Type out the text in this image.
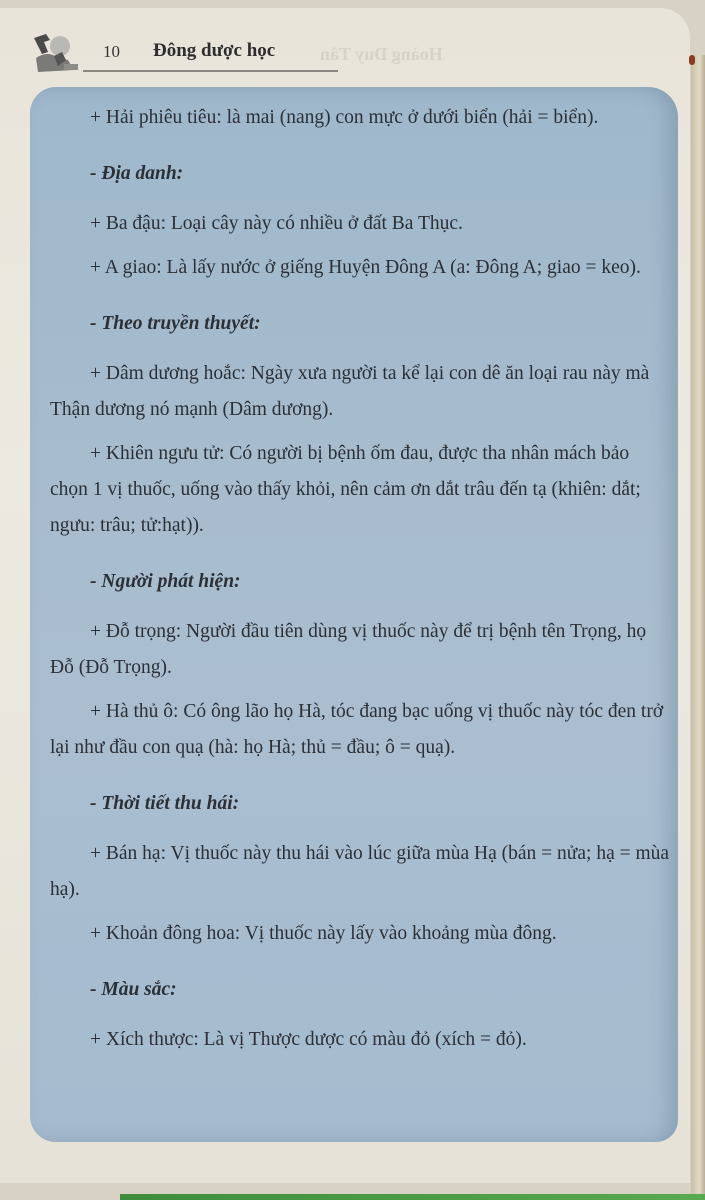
10 Đông dược học Hoàng Duy Tân

+ Hải phiêu tiêu: là mai (nang) con mực ở dưới biển (hải = biển).

- Địa danh:

+ Ba đậu: Loại cây này có nhiều ở đất Ba Thục.

+ A giao: Là lấy nước ở giếng Huyện Đông A (a: Đông A; giao = keo).

- Theo truyền thuyết:

+ Dâm dương hoắc: Ngày xưa người ta kể lại con dê ăn loại rau này mà Thận dương nó mạnh (Dâm dương).

+ Khiên ngưu tử: Có người bị bệnh ốm đau, được tha nhân mách bảo chọn 1 vị thuốc, uống vào thấy khỏi, nên cảm ơn dắt trâu đến tạ (khiên: dắt; ngưu: trâu; tử:hạt)).

- Người phát hiện:

+ Đỗ trọng: Người đầu tiên dùng vị thuốc này để trị bệnh tên Trọng, họ Đỗ (Đỗ Trọng).

+ Hà thủ ô: Có ông lão họ Hà, tóc đang bạc uống vị thuốc này tóc đen trở lại như đầu con quạ (hà: họ Hà; thủ = đầu; ô = quạ).

- Thời tiết thu hái:

+ Bán hạ: Vị thuốc này thu hái vào lúc giữa mùa Hạ (bán = nửa; hạ = mùa hạ).

+ Khoản đông hoa: Vị thuốc này lấy vào khoảng mùa đông.

- Màu sắc:

+ Xích thược: Là vị Thược dược có màu đỏ (xích = đỏ).
